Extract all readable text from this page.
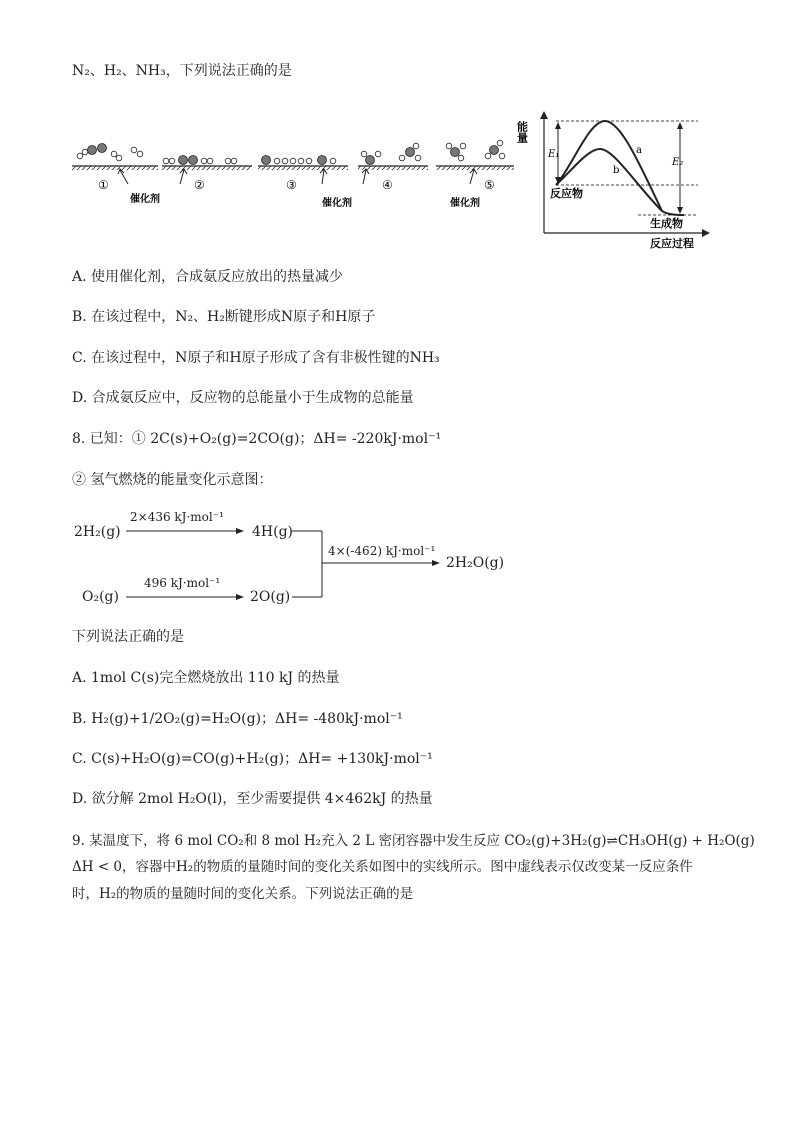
N₂、H₂、NH₃，下列说法正确的是
①	②	③	④	⑤
催化剂	催化剂	催化剂
能量
E₁
E₂
a
b
反应物
生成物
反应过程
A. 使用催化剂，合成氨反应放出的热量减少
B. 在该过程中，N₂、H₂断键形成N原子和H原子
C. 在该过程中，N原子和H原子形成了含有非极性键的NH₃
D. 合成氨反应中，反应物的总能量小于生成物的总能量
8. 已知：① 2C(s)+O₂(g)=2CO(g)；ΔH= -220kJ·mol⁻¹
② 氢气燃烧的能量变化示意图：
2H₂(g)
2×436 kJ·mol⁻¹
4H(g)
O₂(g)
496 kJ·mol⁻¹
2O(g)
4×(-462) kJ·mol⁻¹
2H₂O(g)
下列说法正确的是
A. 1mol C(s)完全燃烧放出 110 kJ 的热量
B. H₂(g)+1/2O₂(g)=H₂O(g)；ΔH= -480kJ·mol⁻¹
C. C(s)+H₂O(g)=CO(g)+H₂(g)；ΔH= +130kJ·mol⁻¹
D. 欲分解 2mol H₂O(l)，至少需要提供 4×462kJ 的热量
9. 某温度下，将 6 mol CO₂和 8 mol H₂充入 2 L 密闭容器中发生反应 CO₂(g)+3H₂(g)⇌CH₃OH(g) + H₂O(g)
ΔH < 0，容器中H₂的物质的量随时间的变化关系如图中的实线所示。图中虚线表示仅改变某一反应条件
时，H₂的物质的量随时间的变化关系。下列说法正确的是
